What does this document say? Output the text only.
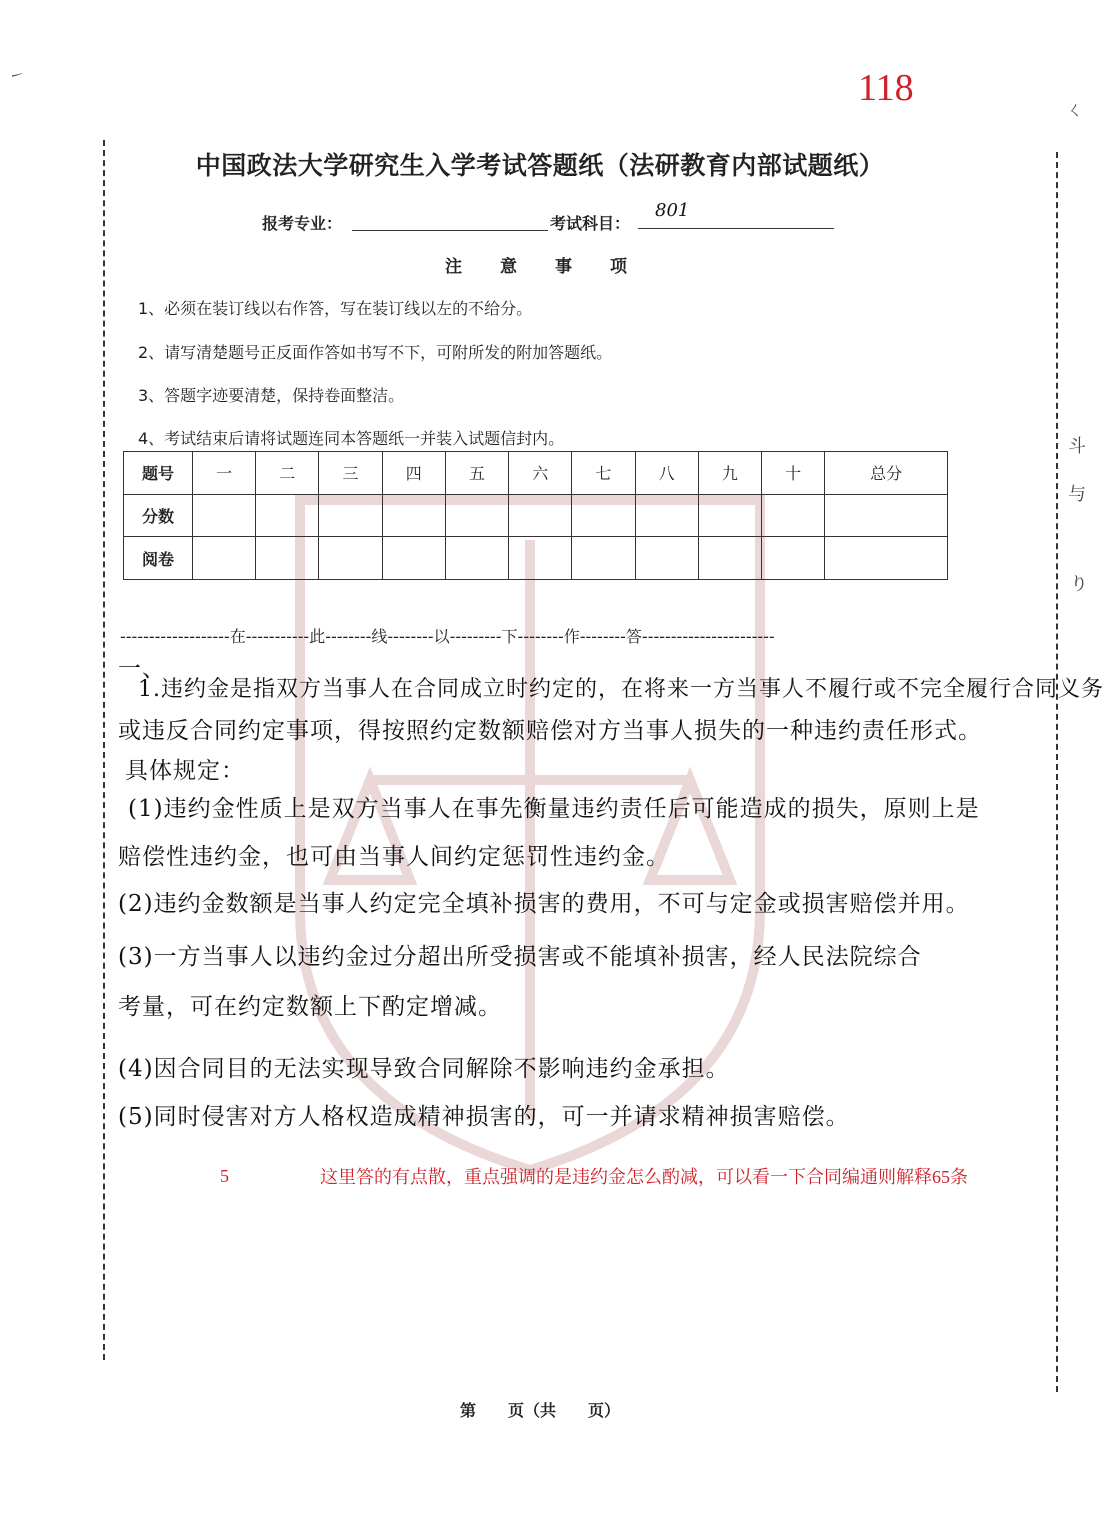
118
㇀
ㄑ
斗
与
り
中国政法大学研究生入学考试答题纸（法研教育内部试题纸）
报考专业：	考试科目：
801
注意事项
1、必须在装订线以右作答，写在装订线以左的不给分。
2、请写清楚题号正反面作答如书写不下，可附所发的附加答题纸。
3、答题字迹要清楚，保持卷面整洁。
4、考试结束后请将试题连同本答题纸一并装入试题信封内。
题号	一	二	三	四	五	六	七	八	九	十	总分
分数											
阅卷											
-------------------在-----------此--------线--------以---------下--------作--------答-----------------------
一、
1.违约金是指双方当事人在合同成立时约定的，在将来一方当事人不履行或不完全履行合同义务
或违反合同约定事项，得按照约定数额赔偿对方当事人损失的一种违约责任形式。
具体规定：
(1)违约金性质上是双方当事人在事先衡量违约责任后可能造成的损失，原则上是
赔偿性违约金，也可由当事人间约定惩罚性违约金。
(2)违约金数额是当事人约定完全填补损害的费用，不可与定金或损害赔偿并用。
(3)一方当事人以违约金过分超出所受损害或不能填补损害，经人民法院综合
考量，可在约定数额上下酌定增减。
(4)因合同目的无法实现导致合同解除不影响违约金承担。
(5)同时侵害对方人格权造成精神损害的，可一并请求精神损害赔偿。
5	这里答的有点散，重点强调的是违约金怎么酌减，可以看一下合同编通则解释65条
第　　页（共　　页）
